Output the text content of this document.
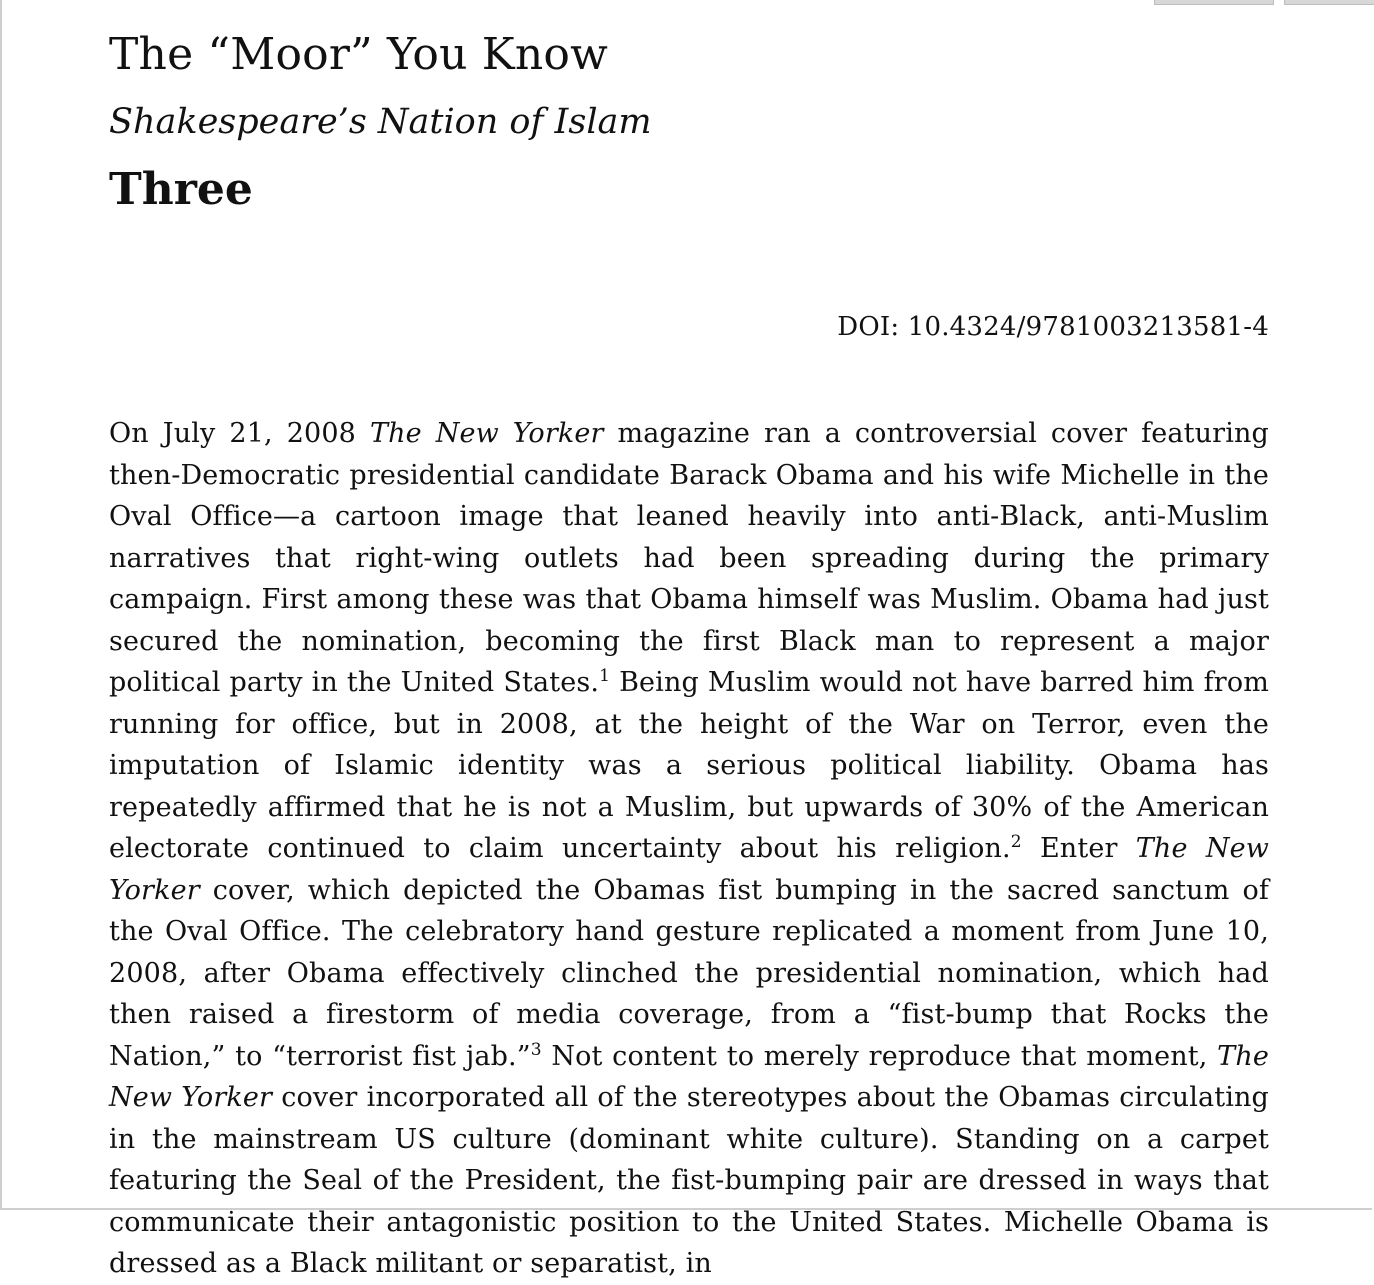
The “Moor” You Know
Shakespeare’s Nation of Islam
Three
DOI: 10.4324/9781003213581-4

On July 21, 2008 The New Yorker magazine ran a controversial cover featuring then-Democratic presidential candidate Barack Obama and his wife Michelle in the Oval Office—a cartoon image that leaned heavily into anti-Black, anti-Muslim narratives that right-wing outlets had been spreading during the primary campaign. First among these was that Obama himself was Muslim. Obama had just secured the nomination, becoming the first Black man to represent a major political party in the United States.$^1$ Being Muslim would not have barred him from running for office, but in 2008, at the height of the War on Terror, even the imputation of Islamic identity was a serious political liability. Obama has repeatedly affirmed that he is not a Muslim, but upwards of 30% of the American electorate continued to claim uncertainty about his religion.$^2$ Enter The New Yorker cover, which depicted the Obamas fist bumping in the sacred sanctum of the Oval Office. The celebratory hand gesture replicated a moment from June 10, 2008, after Obama effectively clinched the presidential nomination, which had then raised a firestorm of media coverage, from a “fist-bump that Rocks the Nation,” to “terrorist fist jab.”$^3$ Not content to merely reproduce that moment, The New Yorker cover incorporated all of the stereotypes about the Obamas circulating in the mainstream US culture (dominant white culture). Standing on a carpet featuring the Seal of the President, the fist-bumping pair are dressed in ways that communicate their antagonistic position to the United States. Michelle Obama is dressed as a Black militant or separatist, in
